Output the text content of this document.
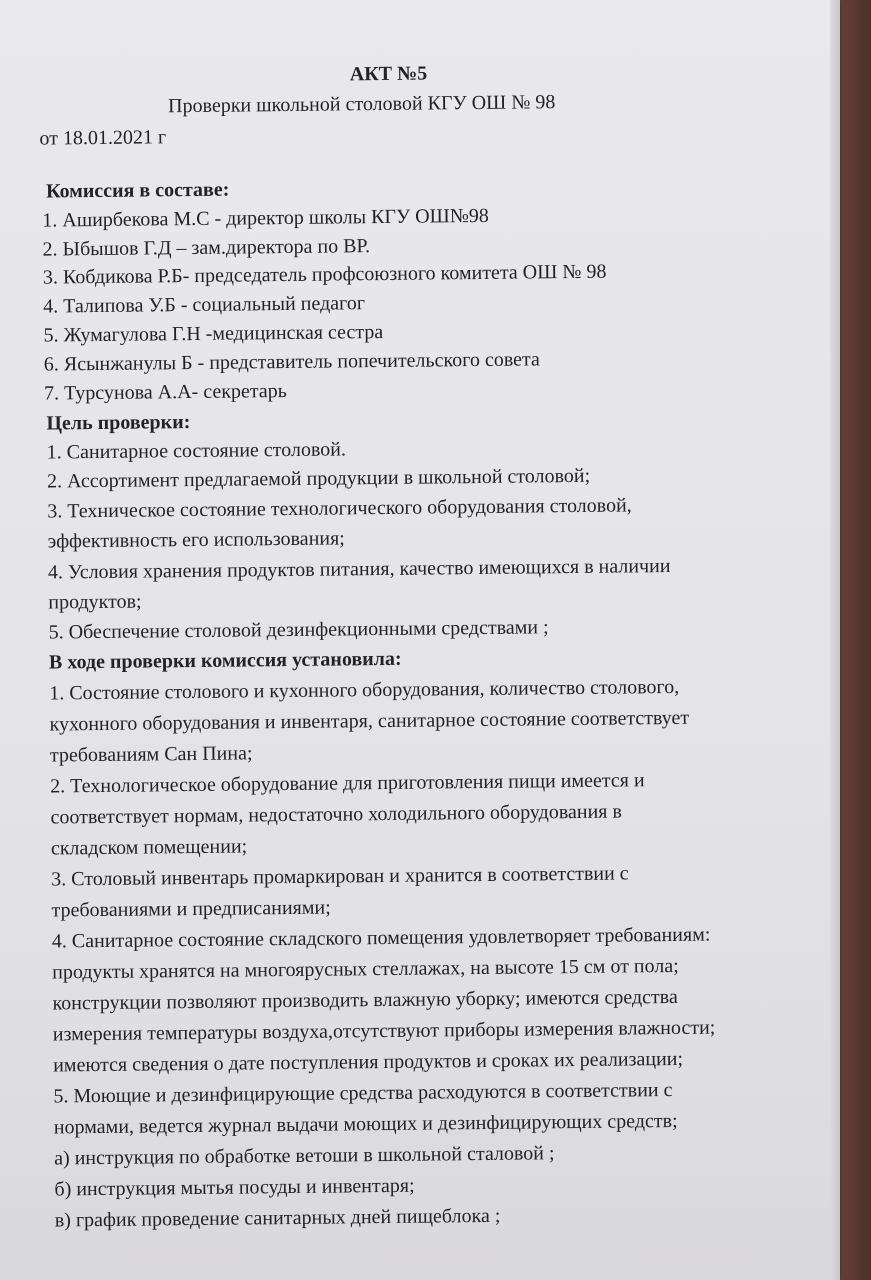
АКТ №5
Проверки школьной столовой КГУ ОШ № 98
от 18.01.2021 г
Комиссия в составе:
1. Аширбекова М.С - директор школы КГУ ОШ№98
2. Ыбышов Г.Д – зам.директора по ВР.
3. Кобдикова Р.Б- председатель профсоюзного комитета ОШ № 98
4. Талипова У.Б - социальный педагог
5. Жумагулова Г.Н -медицинская сестра
6. Ясынжанулы Б - представитель попечительского совета
7. Турсунова А.А- секретарь
Цель проверки:
1. Санитарное состояние столовой.
2. Ассортимент предлагаемой продукции в школьной столовой;
3. Техническое состояние технологического оборудования столовой,
эффективность его использования;
4. Условия хранения продуктов питания, качество имеющихся в наличии
продуктов;
5. Обеспечение столовой дезинфекционными средствами ;
В ходе проверки комиссия установила:
1. Состояние столового и кухонного оборудования, количество столового,
кухонного оборудования и инвентаря, санитарное состояние соответствует
требованиям Сан Пина;
2. Технологическое оборудование для приготовления пищи имеется и
соответствует нормам, недостаточно холодильного оборудования в
складском помещении;
3. Столовый инвентарь промаркирован и хранится в соответствии с
требованиями и предписаниями;
4. Санитарное состояние складского помещения удовлетворяет требованиям:
продукты хранятся на многоярусных стеллажах, на высоте 15 см от пола;
конструкции позволяют производить влажную уборку; имеются средства
измерения температуры воздуха,отсутствуют приборы измерения влажности;
имеются сведения о дате поступления продуктов и сроках их реализации;
5. Моющие и дезинфицирующие средства расходуются в соответствии с
нормами, ведется журнал выдачи моющих и дезинфицирующих средств;
а) инструкция по обработке ветоши в школьной сталовой ;
б) инструкция мытья посуды и инвентаря;
в) график проведение санитарных дней пищеблока ;
